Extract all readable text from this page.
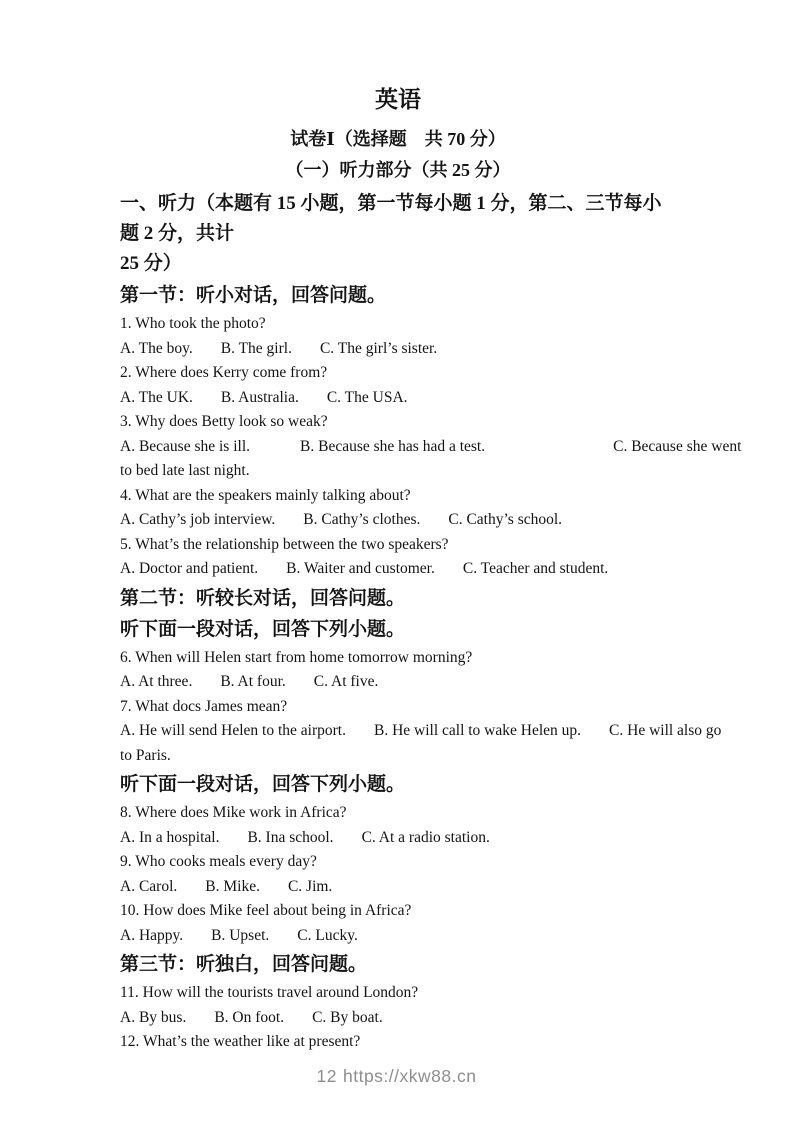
英语
试卷Ⅰ（选择题　共 70 分）
（一）听力部分（共 25 分）
一、听力（本题有 15 小题，第一节每小题 1 分，第二、三节每小题 2 分，共计
25 分）
第一节：听小对话，回答问题。
1. Who took the photo?
A. The boy. B. The girl. C. The girl’s sister.
2. Where does Kerry come from?
A. The UK. B. Australia. C. The USA.
3. Why does Betty look so weak?
A. Because she is ill.	B. Because she has had a test.	C. Because she went
to bed late last night.
4. What are the speakers mainly talking about?
A. Cathy’s job interview. B. Cathy’s clothes. C. Cathy’s school.
5. What’s the relationship between the two speakers?
A. Doctor and patient. B. Waiter and customer. C. Teacher and student.
第二节：听较长对话，回答问题。
听下面一段对话，回答下列小题。
6. When will Helen start from home tomorrow morning?
A. At three. B. At four. C. At five.
7. What docs James mean?
A. He will send Helen to the airport. B. He will call to wake Helen up. C. He will also go
to Paris.
听下面一段对话，回答下列小题。
8. Where does Mike work in Africa?
A. In a hospital. B. Ina school. C. At a radio station.
9. Who cooks meals every day?
A. Carol. B. Mike. C. Jim.
10. How does Mike feel about being in Africa?
A. Happy. B. Upset. C. Lucky.
第三节：听独白，回答问题。
11. How will the tourists travel around London?
A. By bus. B. On foot. C. By boat.
12. What’s the weather like at present?
12 https://xkw88.cn
